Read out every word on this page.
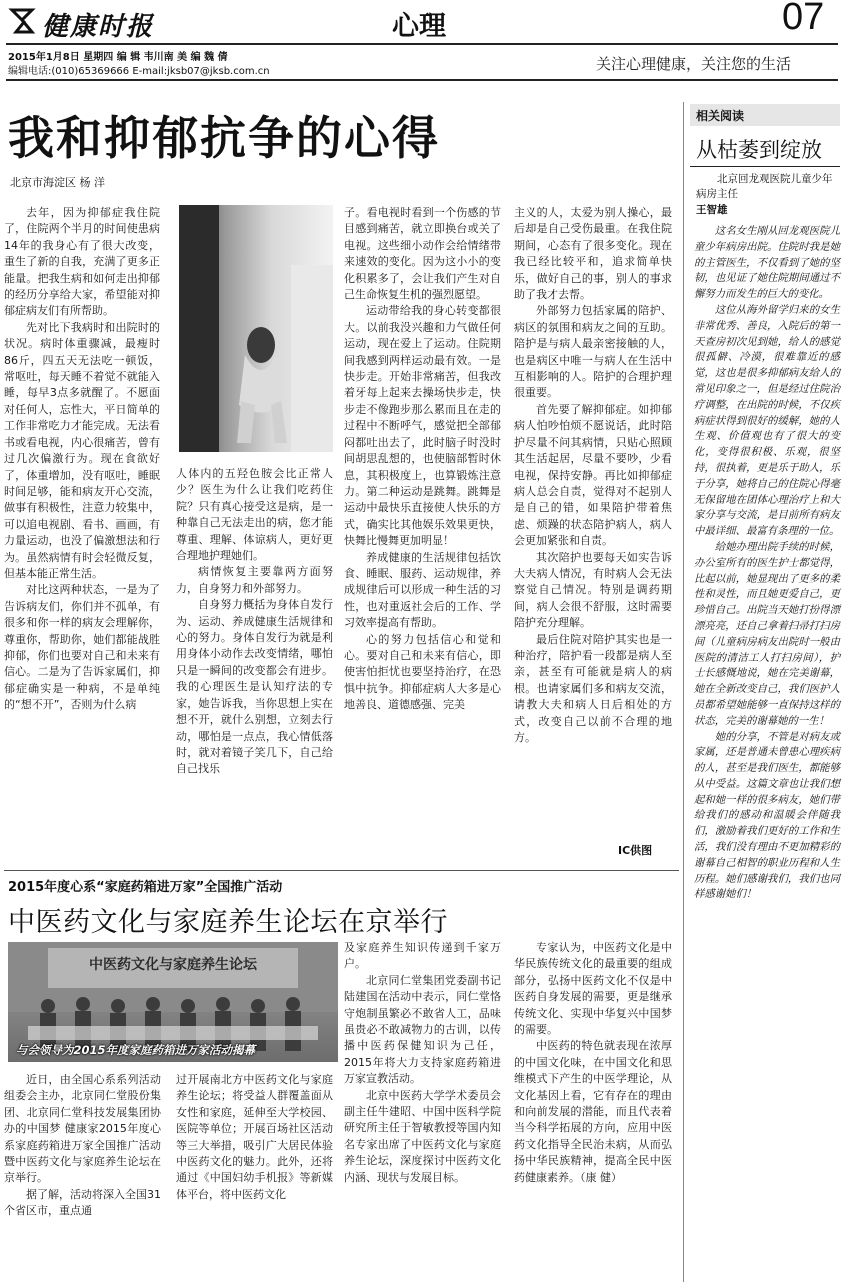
健康时报	心理	07
2015年1月8日 星期四 编 辑 韦川南 美 编 魏 倩
编辑电话:(010)65369666 E-mail:jksb07@jksb.com.cn	关注心理健康，关注您的生活
我和抑郁抗争的心得
北京市海淀区 杨 洋

去年，因为抑郁症我住院了，住院两个半月的时间使患病14年的我身心有了很大改变，重生了新的自我，充满了更多正能量。把我生病和如何走出抑郁的经历分享给大家，希望能对抑郁症病友们有所帮助。

先对比下我病时和出院时的状况。病时体重骤减，最瘦时86斤，四五天无法吃一顿饭，常呕吐，每天睡不着觉不就能入睡，每早3点多就醒了。不愿面对任何人，忘性大，平日简单的工作非常吃力才能完成。无法看书或看电视，内心很痛苦，曾有过几次偏激行为。现在食欲好了，体重增加，没有呕吐，睡眠时间足够，能和病友开心交流，做事有积极性，注意力较集中，可以追电视剧、看书、画画，有力量运动，也没了偏激想法和行为。虽然病情有时会轻微反复，但基本能正常生活。

对比这两种状态，一是为了告诉病友们，你们并不孤单，有很多和你一样的病友会理解你，尊重你，帮助你，她们都能战胜抑郁，你们也要对自己和未来有信心。二是为了告诉家属们，抑郁症确实是一种病，不是单纯的“想不开”，否则为什么病

人体内的五羟色胺会比正常人少？医生为什么让我们吃药住院？只有真心接受这是病，是一种靠自己无法走出的病，您才能尊重、理解、体谅病人，更好更合理地护理她们。

病情恢复主要靠两方面努力，自身努力和外部努力。

自身努力概括为身体自发行为、运动、养成健康生活规律和心的努力。身体自发行为就是利用身体小动作去改变情绪，哪怕只是一瞬间的改变都会有进步。我的心理医生是认知疗法的专家，她告诉我，当你思想上实在想不开，就什么别想，立刻去行动，哪怕是一点点，我心情低落时，就对着镜子笑几下，自己给自己找乐

子。看电视时看到一个伤感的节目感到痛苦，就立即换台或关了电视。这些细小动作会给情绪带来速效的变化。因为这小小的变化积累多了，会让我们产生对自己生命恢复生机的强烈愿望。

运动带给我的身心转变都很大。以前我没兴趣和力气做任何运动，现在爱上了运动。住院期间我感到两样运动最有效。一是快步走。开始非常痛苦，但我改着牙每上起来去操场快步走，快步走不像跑步那么累而且在走的过程中不断呼气，感觉把全部郁闷都吐出去了，此时脑子时没时间胡思乱想的，也使脑部暂时休息，其积极度上，也算锻炼注意力。第二种运动是跳舞。跳舞是运动中最快乐直接使人快乐的方式，确实比其他娱乐效果更快，快舞比慢舞更加明显！

养成健康的生活规律包括饮食、睡眠、服药、运动规律，养成规律后可以形成一种生活的习性，也对重返社会后的工作、学习效率提高有帮助。

心的努力包括信心和觉和心。要对自己和未来有信心，即使害怕拒忧也要坚持治疗，在恐惧中抗争。抑郁症病人大多是心地善良、道德感强、完美

主义的人，太爱为别人操心，最后却是自己受伤最重。在我住院期间，心态有了很多变化。现在我已经比较平和，追求简单快乐，做好自己的事，别人的事求助了我才去帮。

外部努力包括家属的陪护、病区的氛围和病友之间的互助。陪护是与病人最亲密接触的人，也是病区中唯一与病人在生活中互相影响的人。陪护的合理护理很重要。

首先要了解抑郁症。如抑郁病人怕吵怕烦不愿说话，此时陪护尽量不问其病情，只贴心照顾其生活起居，尽量不要吵，少看电视，保持安静。再比如抑郁症病人总会自责，觉得对不起别人是自己的错，如果陪护带着焦虑、烦躁的状态陪护病人，病人会更加紧张和自责。

其次陪护也要每天如实告诉大夫病人情况，有时病人会无法察觉自己情况。特别是调药期间，病人会很不舒服，这时需要陪护充分理解。

最后住院对陪护其实也是一种治疗，陪护看一段都是病人至亲，甚至有可能就是病人的病根。也请家属们多和病友交流，请教大夫和病人日后相处的方式，改变自己以前不合理的地方。

IC供图
相关阅读
从枯萎到绽放
北京回龙观医院儿童少年病房主任
王智雄

这名女生刚从回龙观医院儿童少年病房出院。住院时我是她的主管医生，不仅看到了她的坚韧，也见证了她住院期间通过不懈努力而发生的巨大的变化。

这位从海外留学归来的女生非常优秀、善良，入院后的第一天查房初次见到她，给人的感觉很孤僻、冷漠，很难靠近的感觉，这也是很多抑郁病友给人的常见印象之一，但是经过住院治疗调整，在出院的时候，不仅疾病症状得到很好的缓解，她的人生观、价值观也有了很大的变化，变得很积极、乐观，很坚持，很执着，更是乐于助人，乐于分享，她将自己的住院心得毫无保留地在团体心理治疗上和大家分享与交流，是目前所有病友中最详细、最富有条理的一位。

给她办理出院手续的时候，办公室所有的医生护士都觉得，比起以前，她显现出了更多的柔性和灵性，而且她更爱自己，更珍惜自己。出院当天她打扮得漂漂亮亮，还自己拿着扫帚打扫房间（儿童病房病友出院时一般由医院的清洁工人打扫房间），护士长感慨地说，她在完美谢幕，她在全新改变自己，我们医护人员都希望她能够一直保持这样的状态，完美的谢幕她的一生！

她的分享，不管是对病友或家属，还是普通未曾患心理疾病的人，甚至是我们医生，都能够从中受益。这篇文章也让我们想起和她一样的很多病友，她们带给我们的感动和温暖会伴随我们，激励着我们更好的工作和生活，我们没有理由不更加精彩的谢幕自己相智的职业历程和人生历程。她们感谢我们，我们也同样感谢她们！

2015年度心系“家庭药箱进万家”全国推广活动
中医药文化与家庭养生论坛在京举行
中医药文化与家庭养生论坛
与会领导为2015年度家庭药箱进万家活动揭幕

近日，由全国心系系列活动组委会主办，北京同仁堂股份集团、北京同仁堂科技发展集团协办的中国梦 健康家2015年度心系家庭药箱进万家全国推广活动暨中医药文化与家庭养生论坛在京举行。

据了解，活动将深入全国31个省区市，重点通

过开展南北方中医药文化与家庭养生论坛；将受益人群覆盖面从女性和家庭，延伸至大学校园、医院等单位；开展百场社区活动等三大举措，吸引广大居民体验中医药文化的魅力。此外，还将通过《中国妇幼手机报》等新媒体平台，将中医药文化

及家庭养生知识传递到千家万户。

北京同仁堂集团党委副书记陆建国在活动中表示，同仁堂恪守炮制虽繁必不敢省人工，品味虽贵必不敢减物力的古训，以传播中医药保健知识为己任，2015年将大力支持家庭药箱进万家宣教活动。

北京中医药大学学术委员会副主任牛建昭、中国中医科学院研究所主任于智敏教授等国内知名专家出席了中医药文化与家庭养生论坛，深度探讨中医药文化内涵、现状与发展目标。

专家认为，中医药文化是中华民族传统文化的最重要的组成部分，弘扬中医药文化不仅是中医药自身发展的需要，更是继承传统文化、实现中华复兴中国梦的需要。

中医药的特色就表现在浓厚的中国文化味，在中国文化和思维模式下产生的中医学理论，从文化基因上看，它有存在的理由和向前发展的潜能，而且代表着当今科学拓展的方向，应用中医药文化指导全民治未病，从而弘扬中华民族精神，提高全民中医药健康素养。（康 健）
